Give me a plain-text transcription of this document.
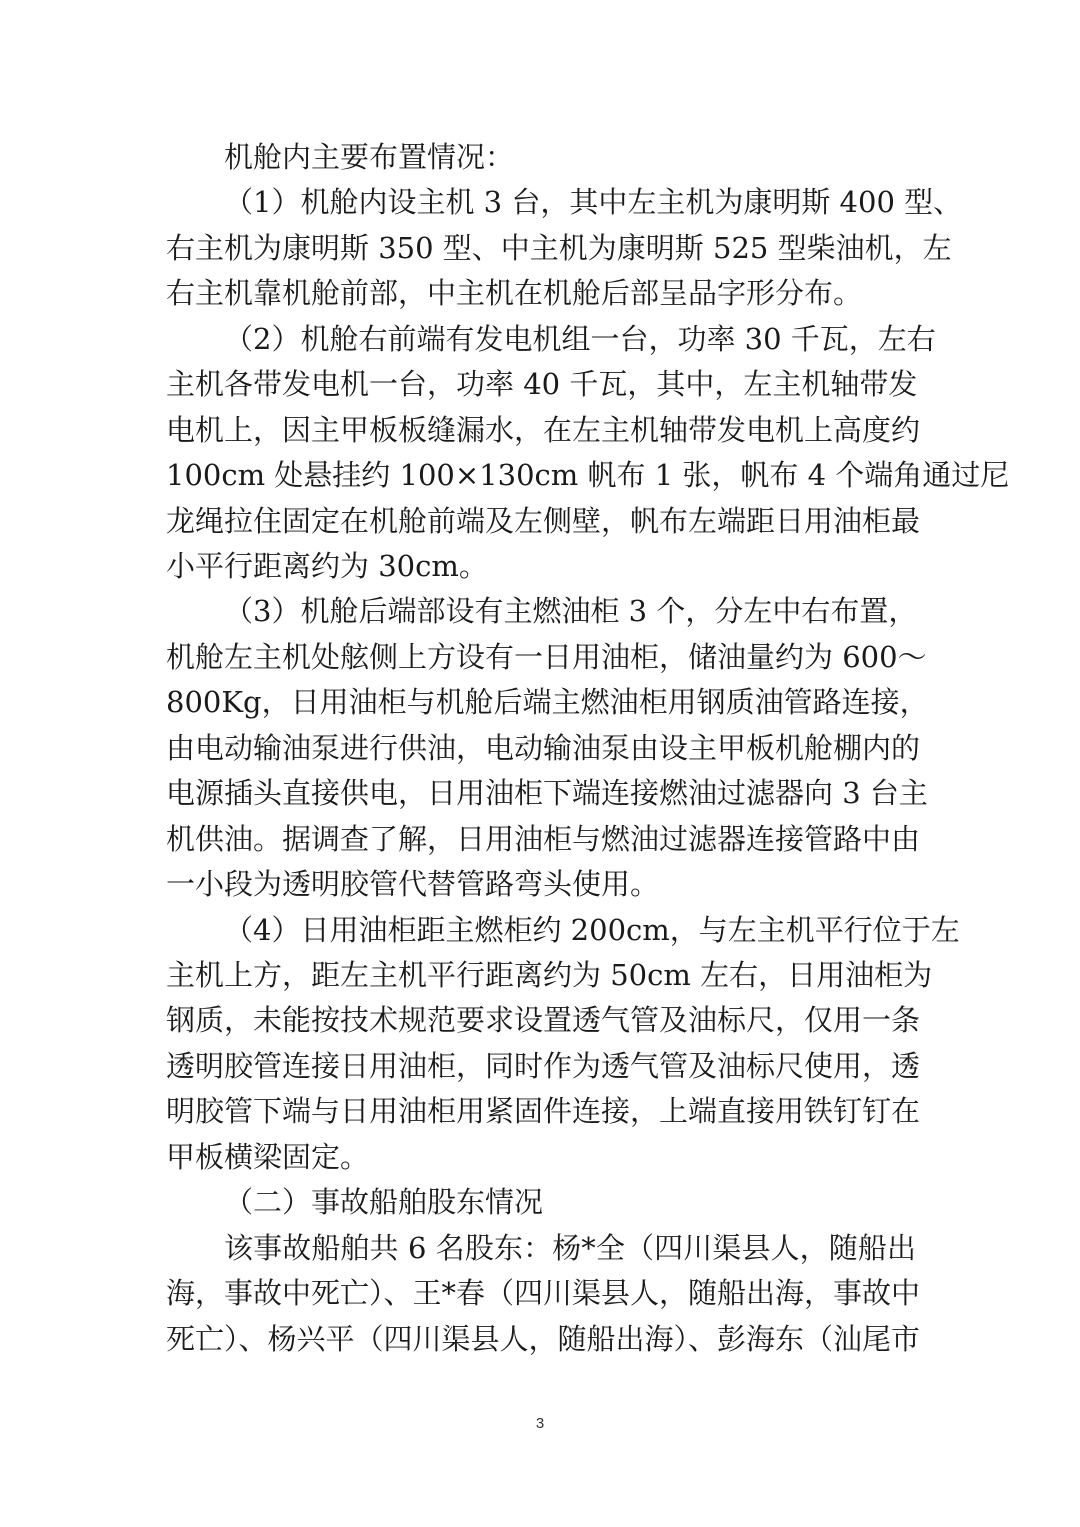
机舱内主要布置情况：
（1）机舱内设主机 3 台，其中左主机为康明斯 400 型、
右主机为康明斯 350 型、中主机为康明斯 525 型柴油机，左
右主机靠机舱前部，中主机在机舱后部呈品字形分布。
（2）机舱右前端有发电机组一台，功率 30 千瓦，左右
主机各带发电机一台，功率 40 千瓦，其中，左主机轴带发
电机上，因主甲板板缝漏水，在左主机轴带发电机上高度约
100cm 处悬挂约 100×130cm 帆布 1 张，帆布 4 个端角通过尼
龙绳拉住固定在机舱前端及左侧壁，帆布左端距日用油柜最
小平行距离约为 30cm。
（3）机舱后端部设有主燃油柜 3 个，分左中右布置，
机舱左主机处舷侧上方设有一日用油柜，储油量约为 600～
800Kg，日用油柜与机舱后端主燃油柜用钢质油管路连接，
由电动输油泵进行供油，电动输油泵由设主甲板机舱棚内的
电源插头直接供电，日用油柜下端连接燃油过滤器向 3 台主
机供油。据调查了解，日用油柜与燃油过滤器连接管路中由
一小段为透明胶管代替管路弯头使用。
（4）日用油柜距主燃柜约 200cm，与左主机平行位于左
主机上方，距左主机平行距离约为 50cm 左右，日用油柜为
钢质，未能按技术规范要求设置透气管及油标尺，仅用一条
透明胶管连接日用油柜，同时作为透气管及油标尺使用，透
明胶管下端与日用油柜用紧固件连接，上端直接用铁钉钉在
甲板横梁固定。
（二）事故船舶股东情况
该事故船舶共 6 名股东：杨*全（四川渠县人，随船出
海，事故中死亡）、王*春（四川渠县人，随船出海，事故中
死亡）、杨兴平（四川渠县人，随船出海）、彭海东（汕尾市
3
